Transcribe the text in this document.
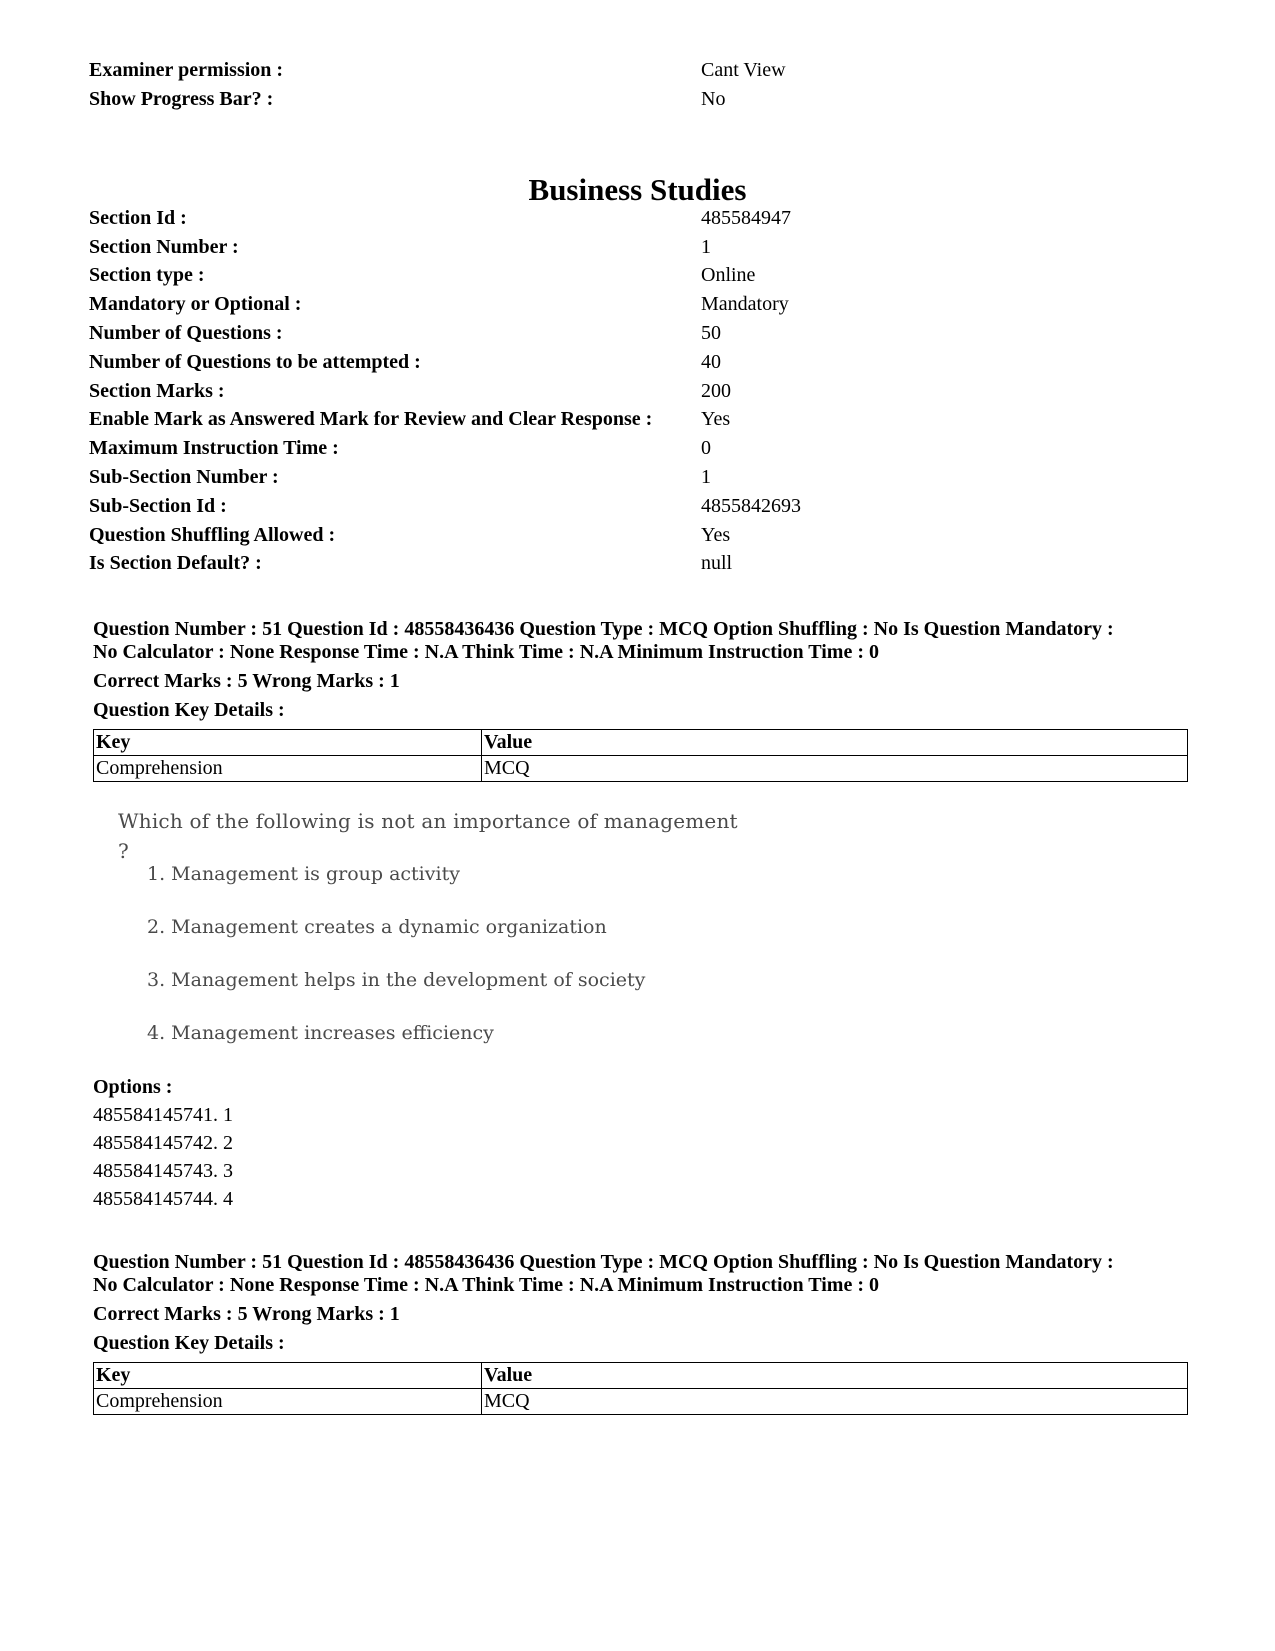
Examiner permission :	Cant View
Show Progress Bar? :	No
Business Studies
Section Id :	485584947
Section Number :	1
Section type :	Online
Mandatory or Optional :	Mandatory
Number of Questions :	50
Number of Questions to be attempted :	40
Section Marks :	200
Enable Mark as Answered Mark for Review and Clear Response :	Yes
Maximum Instruction Time :	0
Sub-Section Number :	1
Sub-Section Id :	4855842693
Question Shuffling Allowed :	Yes
Is Section Default? :	null

Question Number : 51 Question Id : 48558436436 Question Type : MCQ Option Shuffling : No Is Question Mandatory :
No Calculator : None Response Time : N.A Think Time : N.A Minimum Instruction Time : 0

Correct Marks : 5 Wrong Marks : 1

Question Key Details :

Key	Value
Comprehension	MCQ

Which of the following is not an importance of management ?

1. Management is group activity
2. Management creates a dynamic organization
3. Management helps in the development of society
4. Management increases efficiency
Options :
485584145741. 1
485584145742. 2
485584145743. 3
485584145744. 4

Question Number : 51 Question Id : 48558436436 Question Type : MCQ Option Shuffling : No Is Question Mandatory :
No Calculator : None Response Time : N.A Think Time : N.A Minimum Instruction Time : 0

Correct Marks : 5 Wrong Marks : 1

Question Key Details :

Key	Value
Comprehension	MCQ
